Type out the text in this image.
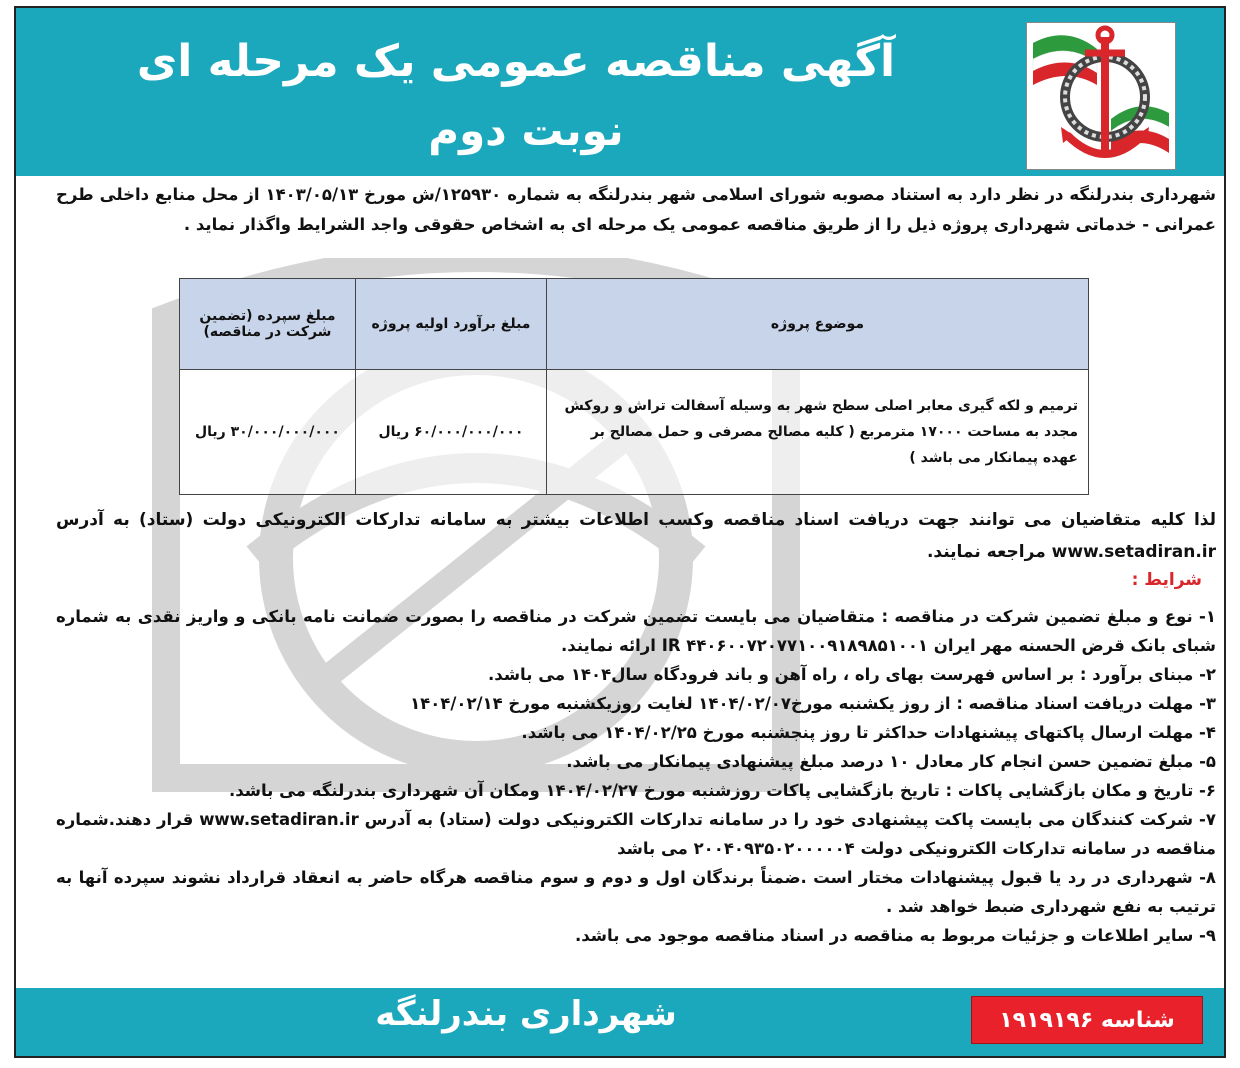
آگهی مناقصه عمومی یک مرحله ای
نوبت دوم
شهرداری بندرلنگه در نظر دارد به استناد مصوبه شورای اسلامی شهر بندرلنگه به شماره ۱۲۵۹۳۰/ش مورخ ۱۴۰۳/۰۵/۱۳ از محل منابع داخلی طرح عمرانی - خدماتی شهرداری پروژه ذیل را از طریق مناقصه عمومی یک مرحله ای به اشخاص حقوقی واجد الشرایط واگذار نماید .
موضوع پروژه	مبلغ برآورد اولیه پروژه	مبلغ سپرده (تضمین شرکت در مناقصه)
ترمیم و لکه گیری معابر اصلی سطح شهر به وسیله آسفالت تراش و روکش مجدد به مساحت ۱۷۰۰۰ مترمربع ( کلیه مصالح مصرفی و حمل مصالح بر عهده پیمانکار می باشد )	۶۰/۰۰۰/۰۰۰/۰۰۰ ریال	۳۰/۰۰۰/۰۰۰/۰۰۰ ریال
لذا کلیه متقاضیان می توانند جهت دریافت اسناد مناقصه وکسب اطلاعات بیشتر به سامانه تدارکات الکترونیکی دولت (ستاد) به آدرس www.setadiran.ir مراجعه نمایند.
شرایط :
۱- نوع و مبلغ تضمین شرکت در مناقصه : متقاضیان می بایست تضمین شرکت در مناقصه را بصورت ضمانت نامه بانکی و واریز نقدی به شماره شبای بانک قرض الحسنه مهر ایران IR ۴۴۰۶۰۰۷۲۰۷۷۱۰۰۹۱۸۹۸۵۱۰۰۱ ارائه نمایند.
۲- مبنای برآورد : بر اساس فهرست بهای راه ، راه آهن و باند فرودگاه سال۱۴۰۴ می باشد.
۳- مهلت دریافت اسناد مناقصه : از روز یکشنبه مورخ۱۴۰۴/۰۲/۰۷ لغایت روزیکشنبه مورخ ۱۴۰۴/۰۲/۱۴
۴- مهلت ارسال پاکتهای پیشنهادات حداکثر تا روز پنجشنبه مورخ ۱۴۰۴/۰۲/۲۵ می باشد.
۵- مبلغ تضمین حسن انجام کار معادل ۱۰ درصد مبلغ پیشنهادی پیمانکار می باشد.
۶- تاریخ و مکان بازگشایی پاکات : تاریخ بازگشایی پاکات روزشنبه مورخ ۱۴۰۴/۰۲/۲۷ ومکان آن شهرداری بندرلنگه می باشد.
۷- شرکت کنندگان می بایست پاکت پیشنهادی خود را در سامانه تدارکات الکترونیکی دولت (ستاد) به آدرس www.setadiran.ir قرار دهند.شماره مناقصه در سامانه تدارکات الکترونیکی دولت ۲۰۰۴۰۹۳۵۰۲۰۰۰۰۰۴ می باشد
۸- شهرداری در رد یا قبول پیشنهادات مختار است .ضمناً برندگان اول و دوم و سوم مناقصه هرگاه حاضر به انعقاد قرارداد نشوند سپرده آنها به ترتیب به نفع شهرداری ضبط خواهد شد .
۹- سایر اطلاعات و جزئیات مربوط به مناقصه در اسناد مناقصه موجود می باشد.
شناسه ۱۹۱۹۱۹۶
شهرداری بندرلنگه
